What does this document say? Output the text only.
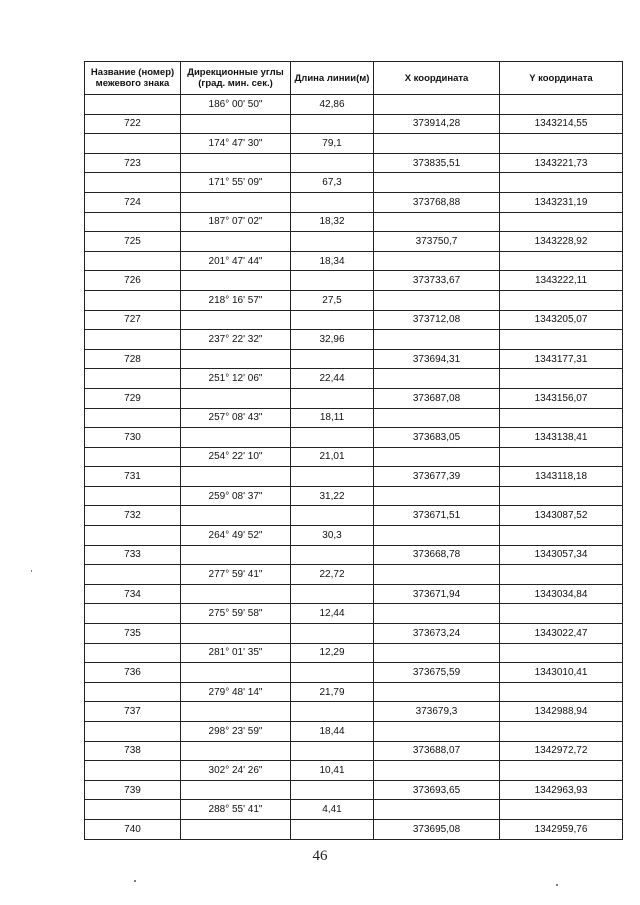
Название (номер) межевого знака	Дирекционные углы (град. мин. сек.)	Длина линии(м)	X координата	Y координата
	186° 00' 50"	42,86		
722			373914,28	1343214,55
	174° 47' 30"	79,1		
723			373835,51	1343221,73
	171° 55' 09"	67,3		
724			373768,88	1343231,19
	187° 07' 02"	18,32		
725			373750,7	1343228,92
	201° 47' 44"	18,34		
726			373733,67	1343222,11
	218° 16' 57"	27,5		
727			373712,08	1343205,07
	237° 22' 32"	32,96		
728			373694,31	1343177,31
	251° 12' 06"	22,44		
729			373687,08	1343156,07
	257° 08' 43"	18,11		
730			373683,05	1343138,41
	254° 22' 10"	21,01		
731			373677,39	1343118,18
	259° 08' 37"	31,22		
732			373671,51	1343087,52
	264° 49' 52"	30,3		
733			373668,78	1343057,34
	277° 59' 41"	22,72		
734			373671,94	1343034,84
	275° 59' 58"	12,44		
735			373673,24	1343022,47
	281° 01' 35"	12,29		
736			373675,59	1343010,41
	279° 48' 14"	21,79		
737			373679,3	1342988,94
	298° 23' 59"	18,44		
738			373688,07	1342972,72
	302° 24' 26"	10,41		
739			373693,65	1342963,93
	288° 55' 41"	4,41		
740			373695,08	1342959,76
46
